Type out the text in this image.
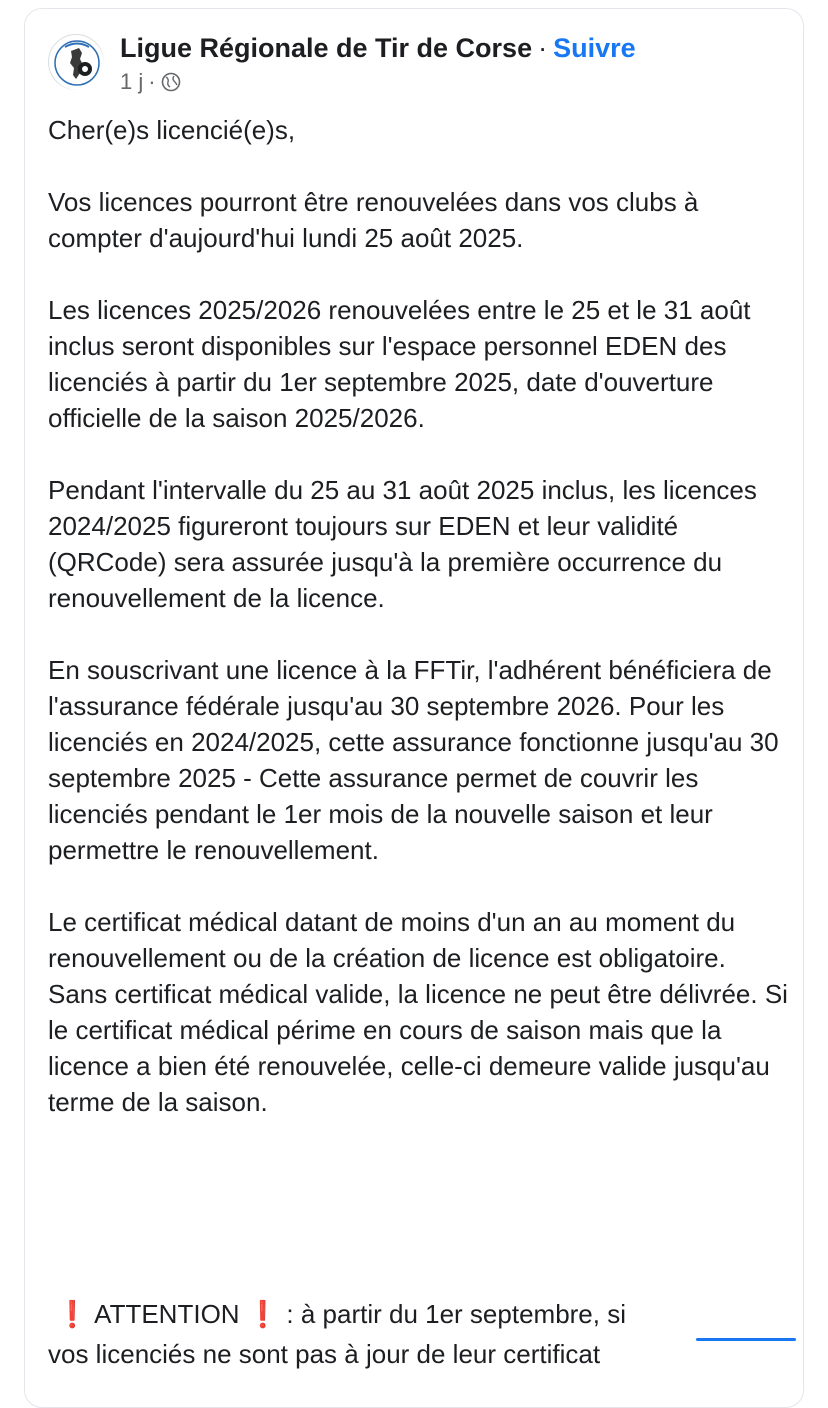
Ligue Régionale de Tir de Corse · Suivre
1 j ·

Cher(e)s licencié(e)s,

Vos licences pourront être renouvelées dans vos clubs à compter d'aujourd'hui lundi 25 août 2025.

Les licences 2025/2026 renouvelées entre le 25 et le 31 août inclus seront disponibles sur l'espace personnel EDEN des licenciés à partir du 1er septembre 2025, date d'ouverture officielle de la saison 2025/2026.

Pendant l'intervalle du 25 au 31 août 2025 inclus, les licences 2024/2025 figureront toujours sur EDEN et leur validité (QRCode) sera assurée jusqu'à la première occurrence du renouvellement de la licence.

En souscrivant une licence à la FFTir, l'adhérent bénéficiera de l'assurance fédérale jusqu'au 30 septembre 2026. Pour les licenciés en 2024/2025, cette assurance fonctionne jusqu'au 30 septembre 2025 - Cette assurance permet de couvrir les licenciés pendant le 1er mois de la nouvelle saison et leur permettre le renouvellement.

Le certificat médical datant de moins d'un an au moment du renouvellement ou de la création de licence est obligatoire. Sans certificat médical valide, la licence ne peut être délivrée. Si le certificat médical périme en cours de saison mais que la licence a bien été renouvelée, celle-ci demeure valide jusqu'au terme de la saison.

❗ ATTENTION ❗ : à partir du 1er septembre, si
vos licenciés ne sont pas à jour de leur certificat
